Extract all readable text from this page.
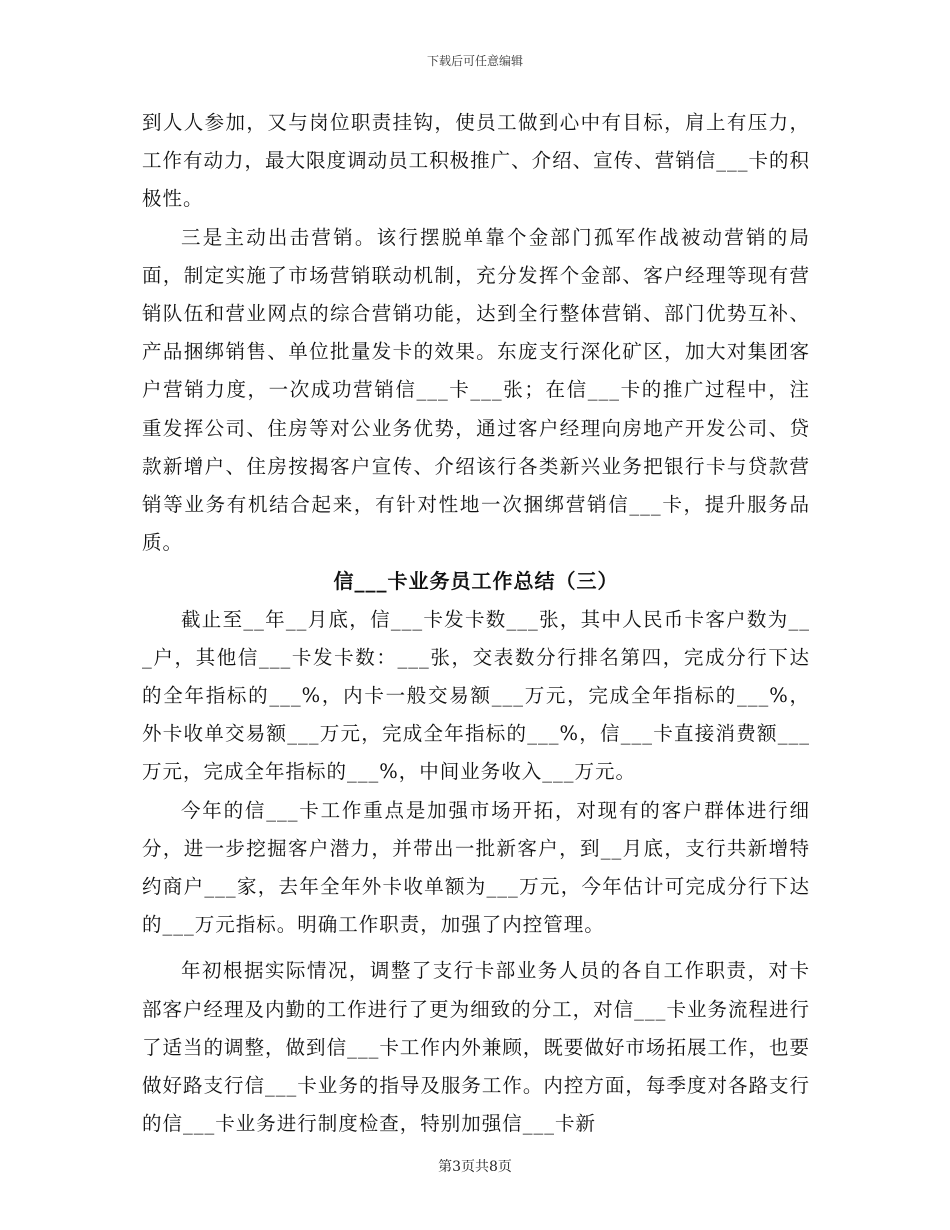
下载后可任意编辑

到人人参加，又与岗位职责挂钩，使员工做到心中有目标，肩上有压力，工作有动力，最大限度调动员工积极推广、介绍、宣传、营销信___卡的积极性。

三是主动出击营销。该行摆脱单靠个金部门孤军作战被动营销的局面，制定实施了市场营销联动机制，充分发挥个金部、客户经理等现有营销队伍和营业网点的综合营销功能，达到全行整体营销、部门优势互补、产品捆绑销售、单位批量发卡的效果。东庞支行深化矿区，加大对集团客户营销力度，一次成功营销信___卡___张；在信___卡的推广过程中，注重发挥公司、住房等对公业务优势，通过客户经理向房地产开发公司、贷款新增户、住房按揭客户宣传、介绍该行各类新兴业务把银行卡与贷款营销等业务有机结合起来，有针对性地一次捆绑营销信___卡，提升服务品质。

信___卡业务员工作总结（三）

截止至__年__月底，信___卡发卡数___张，其中人民币卡客户数为___户，其他信___卡发卡数：___张，交表数分行排名第四，完成分行下达的全年指标的___%，内卡一般交易额___万元，完成全年指标的___%，外卡收单交易额___万元，完成全年指标的___%，信___卡直接消费额___万元，完成全年指标的___%，中间业务收入___万元。

今年的信___卡工作重点是加强市场开拓，对现有的客户群体进行细分，进一步挖掘客户潜力，并带出一批新客户，到__月底，支行共新增特约商户___家，去年全年外卡收单额为___万元，今年估计可完成分行下达的___万元指标。明确工作职责，加强了内控管理。

年初根据实际情况，调整了支行卡部业务人员的各自工作职责，对卡部客户经理及内勤的工作进行了更为细致的分工，对信___卡业务流程进行了适当的调整，做到信___卡工作内外兼顾，既要做好市场拓展工作，也要做好路支行信___卡业务的指导及服务工作。内控方面，每季度对各路支行的信___卡业务进行制度检查，特别加强信___卡新

第3页共8页
